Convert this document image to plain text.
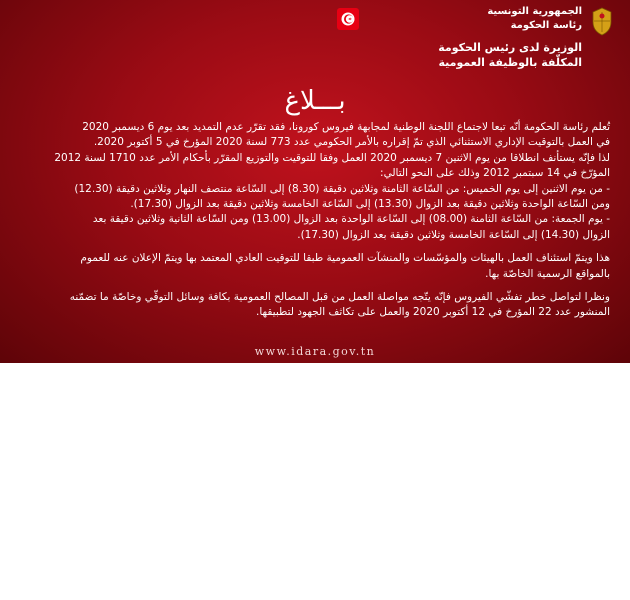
الجمهورية التونسية
رئاسة الحكومة
الوزيرة لدى رئيس الحكومة
المكلّفة بالوظيفة العمومية
بـــلاغ

تُعلم رئاسة الحكومة أنّه تبعا لاجتماع اللجنة الوطنية لمجابهة فيروس كورونا، فقد تقرّر عدم التمديد بعد يوم 6 ديسمبر 2020

في العمل بالتوقيت الإداري الاستثنائي الذي تمّ إقراره بالأمر الحكومي عدد 773 لسنة 2020 المؤرخ في 5 أكتوبر 2020.

لذا فإنّه يستأنف انطلاقا من يوم الاثنين 7 ديسمبر 2020 العمل وفقا للتوقيت والتوزيع المقرّر بأحكام الأمر عدد 1710 لسنة 2012

المؤرّخ في 14 سبتمبر 2012 وذلك على النحو التالي:

- من يوم الاثنين إلى يوم الخميس: من السّاعة الثامنة وثلاثين دقيقة (8.30) إلى السّاعة منتصف النهار وثلاثين دقيقة (12.30)

ومن السّاعة الواحدة وثلاثين دقيقة بعد الزوال (13.30) إلى السّاعة الخامسة وثلاثين دقيقة بعد الزوال (17.30).

- يوم الجمعة: من السّاعة الثامنة (08.00) إلى السّاعة الواحدة بعد الزوال (13.00) ومن السّاعة الثانية وثلاثين دقيقة بعد

الزوال (14.30) إلى السّاعة الخامسة وثلاثين دقيقة بعد الزوال (17.30).

هذا ويتمّ استئناف العمل بالهيئات والمؤسّسات والمنشآت العمومية طبقا للتوقيت العادي المعتمد بها ويتمّ الإعلان عنه للعموم

بالمواقع الرسمية الخاصّة بها.

ونظرا لتواصل خطر تفشّي الفيروس فإنّه يتّجه مواصلة العمل من قبل المصالح العمومية بكافة وسائل التوقّي وخاصّة ما تضمّنه

المنشور عدد 22 المؤرخ في 12 أكتوبر 2020 والعمل على تكاثف الجهود لتطبيقها.

www.idara.gov.tn
